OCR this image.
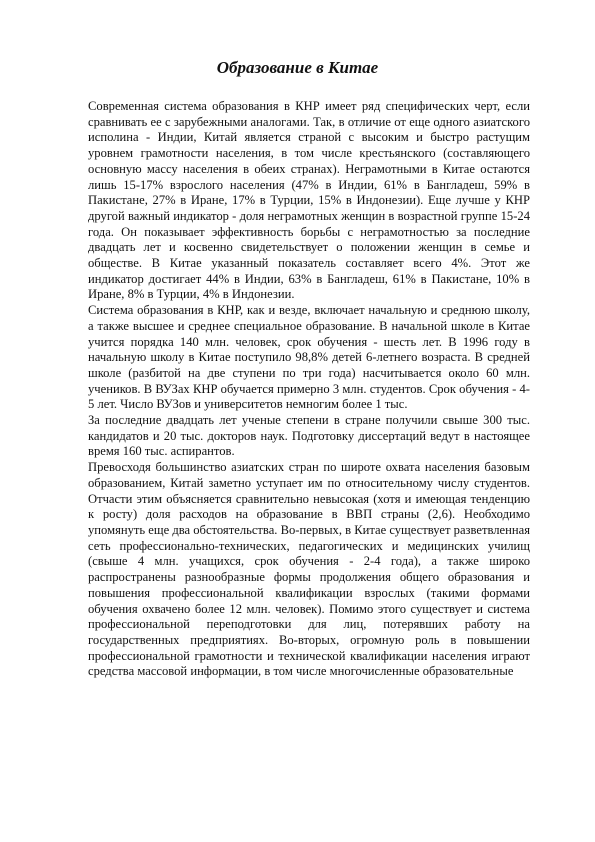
Образование в Китае

Современная система образования в КНР имеет ряд специфических черт, если сравнивать ее с зарубежными аналогами. Так, в отличие от еще одного азиатского исполина - Индии, Китай является страной с высоким и быстро растущим уровнем грамотности населения, в том числе крестьянского (составляющего основную массу населения в обеих странах). Неграмотными в Китае остаются лишь 15-17% взрослого населения (47% в Индии, 61% в Бангладеш, 59% в Пакистане, 27% в Иране, 17% в Турции, 15% в Индонезии). Еще лучше у КНР другой важный индикатор - доля неграмотных женщин в возрастной группе 15-24 года. Он показывает эффективность борьбы с неграмотностью за последние двадцать лет и косвенно свидетельствует о положении женщин в семье и обществе. В Китае указанный показатель составляет всего 4%. Этот же индикатор достигает 44% в Индии, 63% в Бангладеш, 61% в Пакистане, 10% в Иране, 8% в Турции, 4% в Индонезии.

Система образования в КНР, как и везде, включает начальную и среднюю школу, а также высшее и среднее специальное образование. В начальной школе в Китае учится порядка 140 млн. человек, срок обучения - шесть лет. В 1996 году в начальную школу в Китае поступило 98,8% детей 6-летнего возраста. В средней школе (разбитой на две ступени по три года) насчитывается около 60 млн. учеников. В ВУЗах КНР обучается примерно 3 млн. студентов. Срок обучения - 4-5 лет. Число ВУЗов и университетов немногим более 1 тыс.

За последние двадцать лет ученые степени в стране получили свыше 300 тыс. кандидатов и 20 тыс. докторов наук. Подготовку диссертаций ведут в настоящее время 160 тыс. аспирантов.

Превосходя большинство азиатских стран по широте охвата населения базовым образованием, Китай заметно уступает им по относительному числу студентов. Отчасти этим объясняется сравнительно невысокая (хотя и имеющая тенденцию к росту) доля расходов на образование в ВВП страны (2,6). Необходимо упомянуть еще два обстоятельства. Во-первых, в Китае существует разветвленная сеть профессионально-технических, педагогических и медицинских училищ (свыше 4 млн. учащихся, срок обучения - 2-4 года), а также широко распространены разнообразные формы продолжения общего образования и повышения профессиональной квалификации взрослых (такими формами обучения охвачено более 12 млн. человек). Помимо этого существует и система профессиональной переподготовки для лиц, потерявших работу на государственных предприятиях. Во-вторых, огромную роль в повышении профессиональной грамотности и технической квалификации населения играют средства массовой информации, в том числе многочисленные образовательные
